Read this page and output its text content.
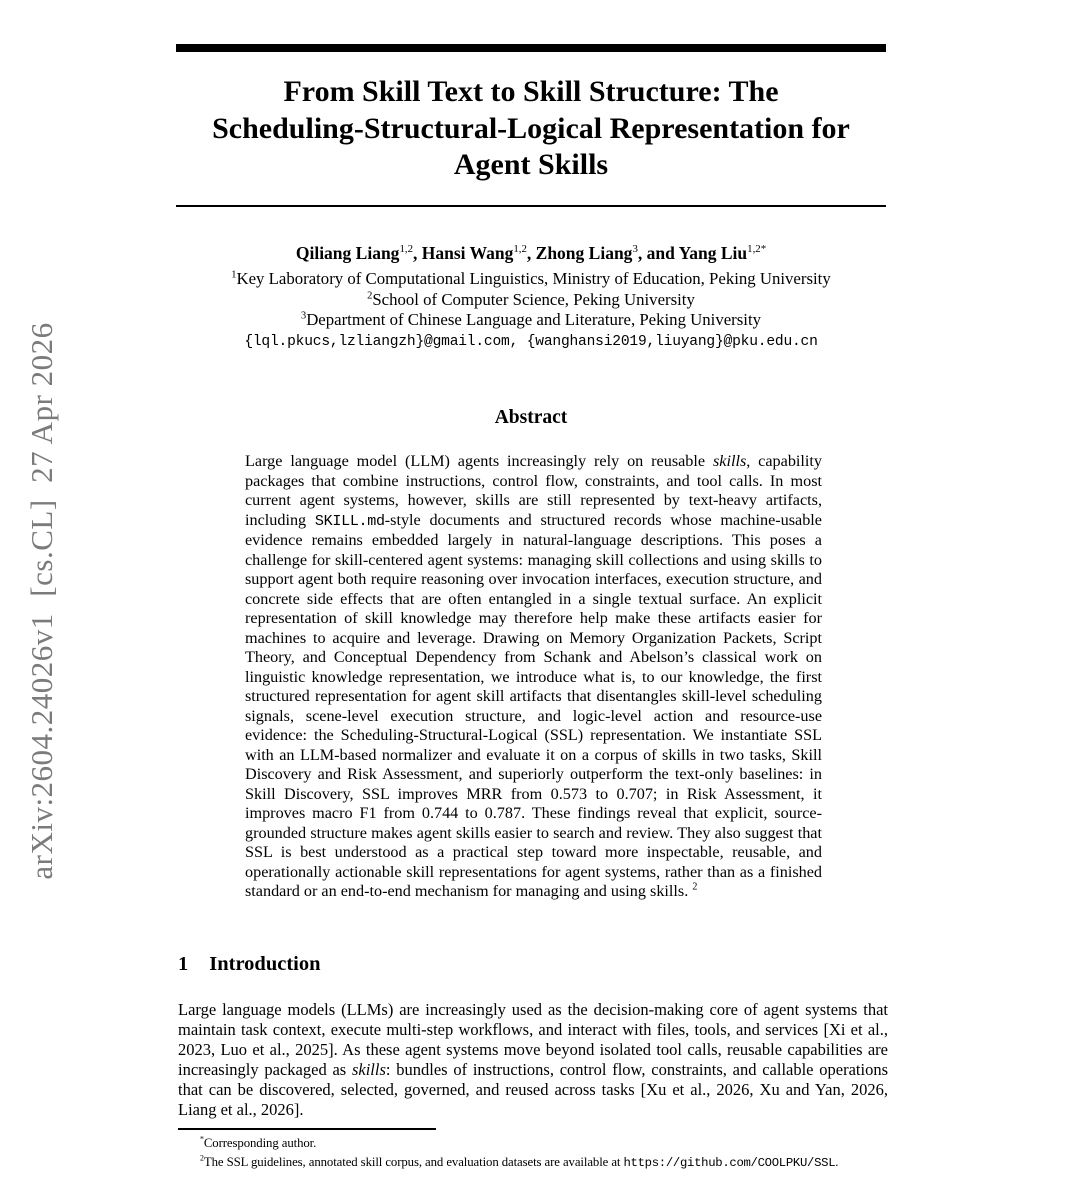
arXiv:2604.24026v1  [cs.CL]  27 Apr 2026
From Skill Text to Skill Structure: The
Scheduling-Structural-Logical Representation for
Agent Skills
Qiliang Liang$^{1,2}$, Hansi Wang$^{1,2}$, Zhong Liang$^3$, and Yang Liu$^{1,2*}$
$^1$Key Laboratory of Computational Linguistics, Ministry of Education, Peking University
$^2$School of Computer Science, Peking University
$^3$Department of Chinese Language and Literature, Peking University
{lql.pkucs,lzliangzh}@gmail.com, {wanghansi2019,liuyang}@pku.edu.cn
Abstract
Large language model (LLM) agents increasingly rely on reusable skills, capability packages that combine instructions, control flow, constraints, and tool calls. In most current agent systems, however, skills are still represented by text-heavy artifacts, including SKILL.md-style documents and structured records whose machine-usable evidence remains embedded largely in natural-language descriptions. This poses a challenge for skill-centered agent systems: managing skill collections and using skills to support agent both require reasoning over invocation interfaces, execution structure, and concrete side effects that are often entangled in a single textual surface. An explicit representation of skill knowledge may therefore help make these artifacts easier for machines to acquire and leverage. Drawing on Memory Organization Packets, Script Theory, and Conceptual Dependency from Schank and Abelson’s classical work on linguistic knowledge representation, we introduce what is, to our knowledge, the first structured representation for agent skill artifacts that disentangles skill-level scheduling signals, scene-level execution structure, and logic-level action and resource-use evidence: the Scheduling-Structural-Logical (SSL) representation. We instantiate SSL with an LLM-based normalizer and evaluate it on a corpus of skills in two tasks, Skill Discovery and Risk Assessment, and superiorly outperform the text-only baselines: in Skill Discovery, SSL improves MRR from 0.573 to 0.707; in Risk Assessment, it improves macro F1 from 0.744 to 0.787. These findings reveal that explicit, source-grounded structure makes agent skills easier to search and review. They also suggest that SSL is best understood as a practical step toward more inspectable, reusable, and operationally actionable skill representations for agent systems, rather than as a finished standard or an end-to-end mechanism for managing and using skills. $^2$
1 Introduction
Large language models (LLMs) are increasingly used as the decision-making core of agent systems that maintain task context, execute multi-step workflows, and interact with files, tools, and services [Xi et al., 2023, Luo et al., 2025]. As these agent systems move beyond isolated tool calls, reusable capabilities are increasingly packaged as skills: bundles of instructions, control flow, constraints, and callable operations that can be discovered, selected, governed, and reused across tasks [Xu et al., 2026, Xu and Yan, 2026, Liang et al., 2026].
*Corresponding author.
$^2$The SSL guidelines, annotated skill corpus, and evaluation datasets are available at https://github.com/COOLPKU/SSL.
